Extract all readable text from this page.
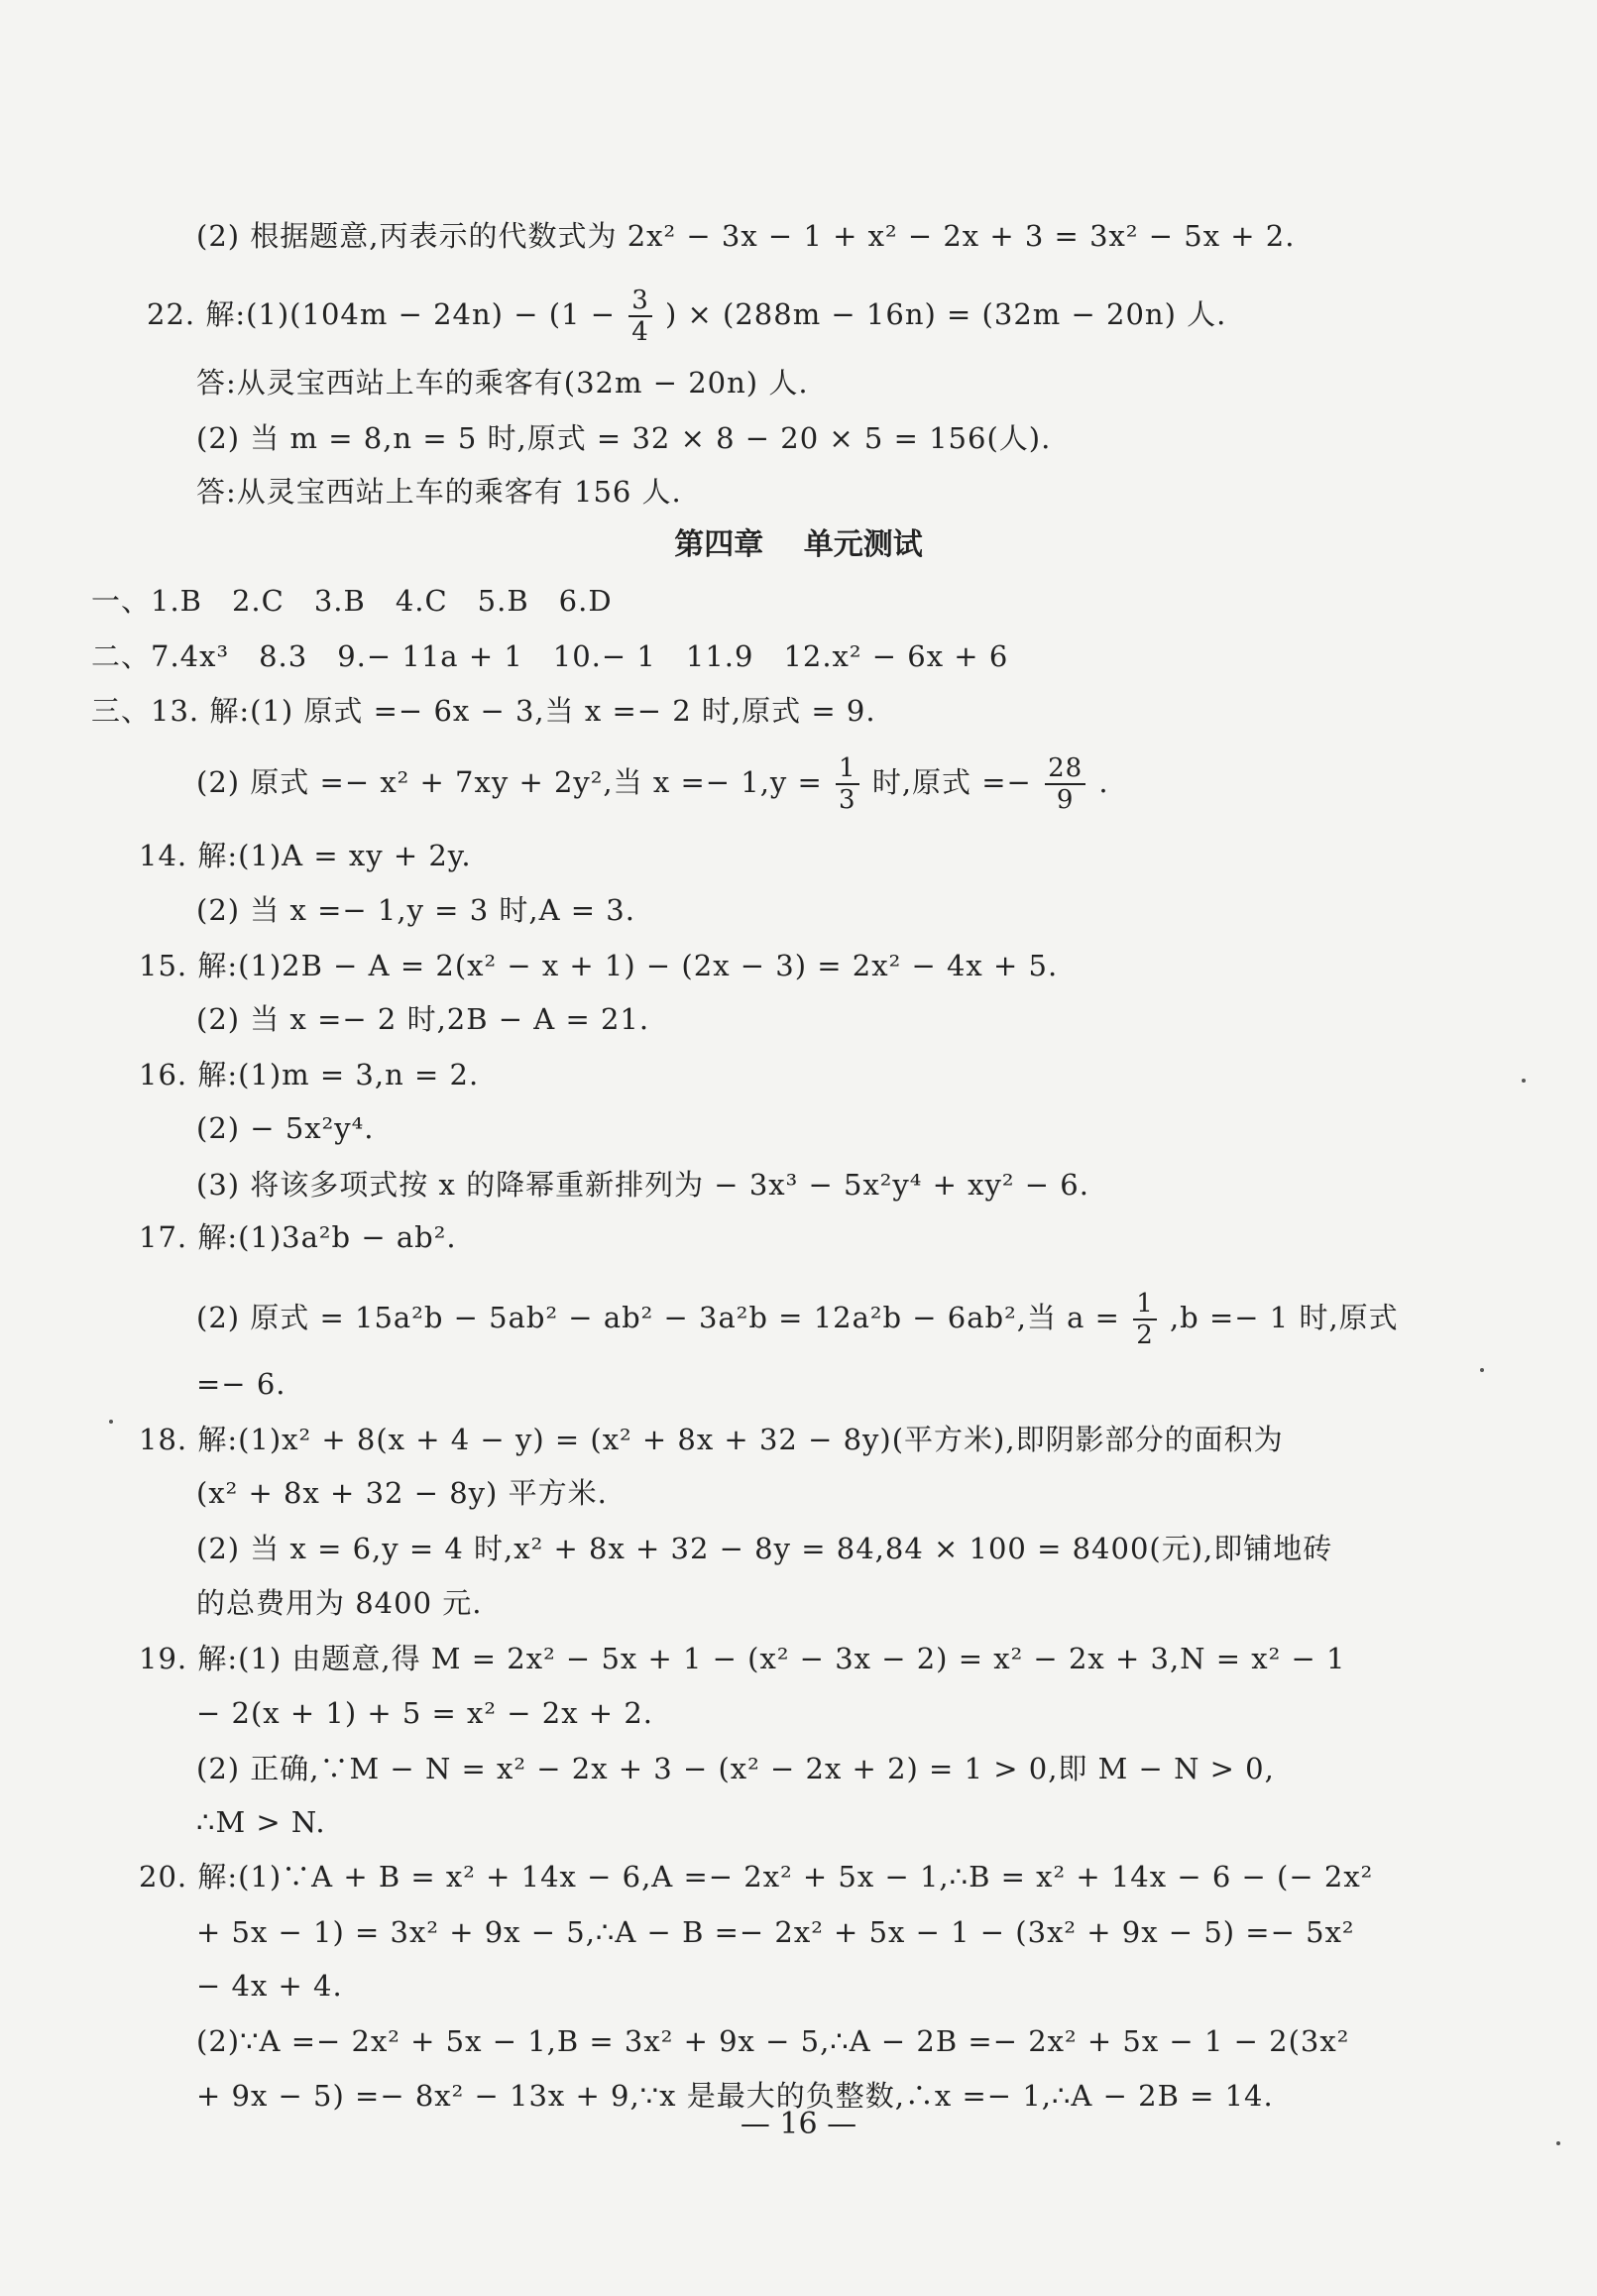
(2) 根据题意,丙表示的代数式为 2x² − 3x − 1 + x² − 2x + 3 = 3x² − 5x + 2.
22. 解:(1)(104m − $24n) - (1 - \frac{3}{4}$ ) × (288m − 16n) = (32m − 20n) 人.
答:从灵宝西站上车的乘客有(32m − 20n) 人.
(2) 当 m = 8,n = 5 时,原式 = 32 × 8 − 20 × 5 = 156(人).
答:从灵宝西站上车的乘客有 156 人.
第四章 单元测试
一、1.B　2.C　3.B　4.C　5.B　6.D
二、7.4x³　8.3　9.− 11a + 1　10.− 1　11.9　12.x² − 6x + 6
三、13. 解:(1) 原式 =− 6x − 3,当 x =− 2 时,原式 = 9.
(2) 原式 =− x² + 7xy + 2y²,当 $x =- 1,y = \frac{1}{3}$ 时,原式 =− $\frac{28}{9}$ .
14. 解:(1)A = xy + 2y.
(2) 当 x =− 1,y = 3 时,A = 3.
15. 解:(1)2B − A = 2(x² − x + 1) − (2x − 3) = 2x² − 4x + 5.
(2) 当 x =− 2 时,2B − A = 21.
16. 解:(1)m = 3,n = 2.
(2) − 5x²y⁴.
(3) 将该多项式按 x 的降幂重新排列为 − 3x³ − 5x²y⁴ + xy² − 6.
17. 解:(1)3a²b − ab².
(2) 原式 = 15a²b − 5ab² − ab² − 3a²b = 12a²b − 6ab²,当 $a = \frac{1}{2} ,b =- 1$ 时,原式
=− 6.
18. 解:(1)x² + 8(x + 4 − y) = (x² + 8x + 32 − 8y)(平方米),即阴影部分的面积为
(x² + 8x + 32 − 8y) 平方米.
(2) 当 x = 6,y = 4 时,x² + 8x + 32 − 8y = 84,84 × 100 = 8400(元),即铺地砖
的总费用为 8400 元.
19. 解:(1) 由题意,得 M = 2x² − 5x + 1 − (x² − 3x − 2) = x² − 2x + 3,N = x² − 1
− 2(x + 1) + 5 = x² − 2x + 2.
(2) 正确,∵M − N = x² − 2x + 3 − (x² − 2x + 2) = 1 > 0,即 M − N > 0,
∴M > N.
20. 解:(1)∵A + B = x² + 14x − 6,A =− 2x² + 5x − 1,∴B = x² + 14x − 6 − (− 2x²
+ 5x − 1) = 3x² + 9x − 5,∴A − B =− 2x² + 5x − 1 − (3x² + 9x − 5) =− 5x²
− 4x + 4.
(2)∵A =− 2x² + 5x − 1,B = 3x² + 9x − 5,∴A − 2B =− 2x² + 5x − 1 − 2(3x²
+ 9x − 5) =− 8x² − 13x + 9,∵x 是最大的负整数,∴x =− 1,∴A − 2B = 14.
— 16 —
